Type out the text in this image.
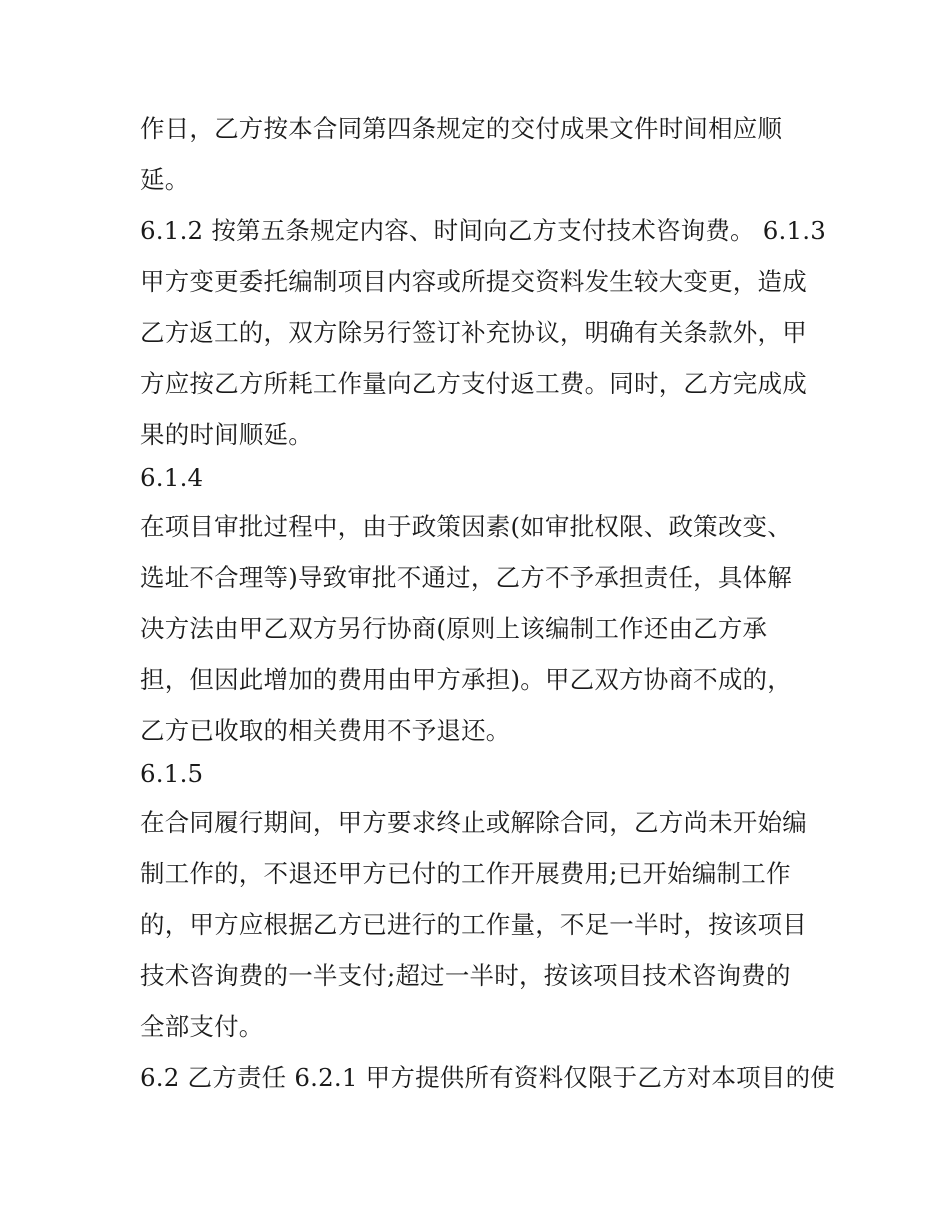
作日，乙方按本合同第四条规定的交付成果文件时间相应顺
延。
6.1.2 按第五条规定内容、时间向乙方支付技术咨询费。 6.1.3
甲方变更委托编制项目内容或所提交资料发生较大变更，造成
乙方返工的，双方除另行签订补充协议，明确有关条款外，甲
方应按乙方所耗工作量向乙方支付返工费。同时，乙方完成成
果的时间顺延。
6.1.4
在项目审批过程中，由于政策因素(如审批权限、政策改变、
选址不合理等)导致审批不通过，乙方不予承担责任，具体解
决方法由甲乙双方另行协商(原则上该编制工作还由乙方承
担，但因此增加的费用由甲方承担)。甲乙双方协商不成的，
乙方已收取的相关费用不予退还。
6.1.5
在合同履行期间，甲方要求终止或解除合同，乙方尚未开始编
制工作的，不退还甲方已付的工作开展费用;已开始编制工作
的，甲方应根据乙方已进行的工作量，不足一半时，按该项目
技术咨询费的一半支付;超过一半时，按该项目技术咨询费的
全部支付。
6.2 乙方责任 6.2.1 甲方提供所有资料仅限于乙方对本项目的使
